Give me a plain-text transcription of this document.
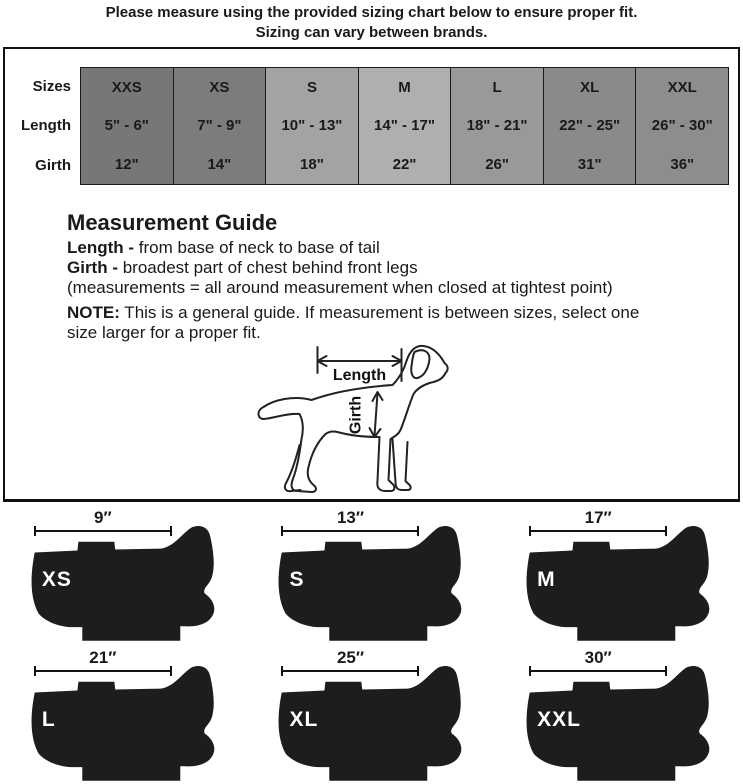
Please measure using the provided sizing chart below to ensure proper fit.
Sizing can vary between brands.
Sizes
Length
Girth
XXS
5" - 6"
12"
XS
7" - 9"
14"
S
10" - 13"
18"
M
14" - 17"
22"
L
18" - 21"
26"
XL
22" - 25"
31"
XXL
26" - 30"
36"
Measurement Guide
Length - from base of neck to base of tail
Girth - broadest part of chest behind front legs
(measurements = all around measurement when closed at tightest point)
NOTE: This is a general guide. If measurement is between sizes, select one
size larger for a proper fit.
Length
Girth
9″
XS
13″
S
17″
M
21″
L
25″
XL
30″
XXL
